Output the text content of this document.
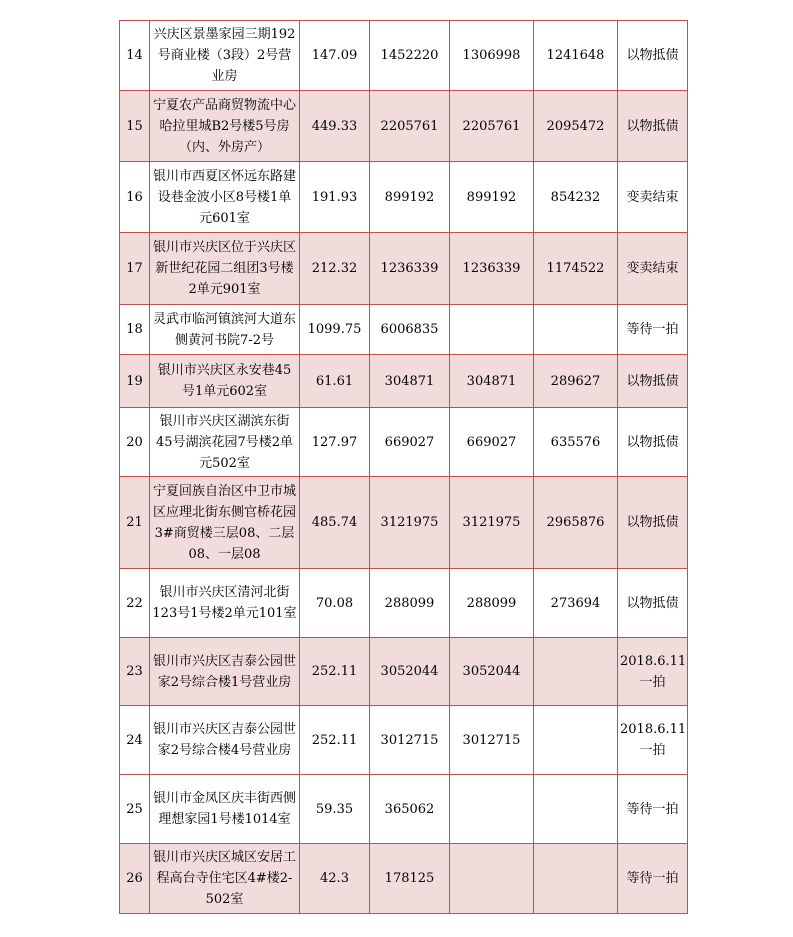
14	兴庆区景墨家园三期192号商业楼（3段）2号营业房	147.09	1452220	1306998	1241648	以物抵债
15	宁夏农产品商贸物流中心哈拉里城B2号楼5号房（内、外房产）	449.33	2205761	2205761	2095472	以物抵债
16	银川市西夏区怀远东路建设巷金波小区8号楼1单元601室	191.93	899192	899192	854232	变卖结束
17	银川市兴庆区位于兴庆区新世纪花园二组团3号楼2单元901室	212.32	1236339	1236339	1174522	变卖结束
18	灵武市临河镇滨河大道东侧黄河书院7-2号	1099.75	6006835			等待一拍
19	银川市兴庆区永安巷45号1单元602室	61.61	304871	304871	289627	以物抵债
20	银川市兴庆区湖滨东街45号湖滨花园7号楼2单元502室	127.97	669027	669027	635576	以物抵债
21	宁夏回族自治区中卫市城区应理北街东侧官桥花园3#商贸楼三层08、二层08、一层08	485.74	3121975	3121975	2965876	以物抵债
22	银川市兴庆区清河北街123号1号楼2单元101室	70.08	288099	288099	273694	以物抵债
23	银川市兴庆区吉泰公园世家2号综合楼1号营业房	252.11	3052044	3052044		2018.6.11一拍
24	银川市兴庆区吉泰公园世家2号综合楼4号营业房	252.11	3012715	3012715		2018.6.11一拍
25	银川市金凤区庆丰街西侧理想家园1号楼1014室	59.35	365062			等待一拍
26	银川市兴庆区城区安居工程高台寺住宅区4#楼2-502室	42.3	178125			等待一拍
